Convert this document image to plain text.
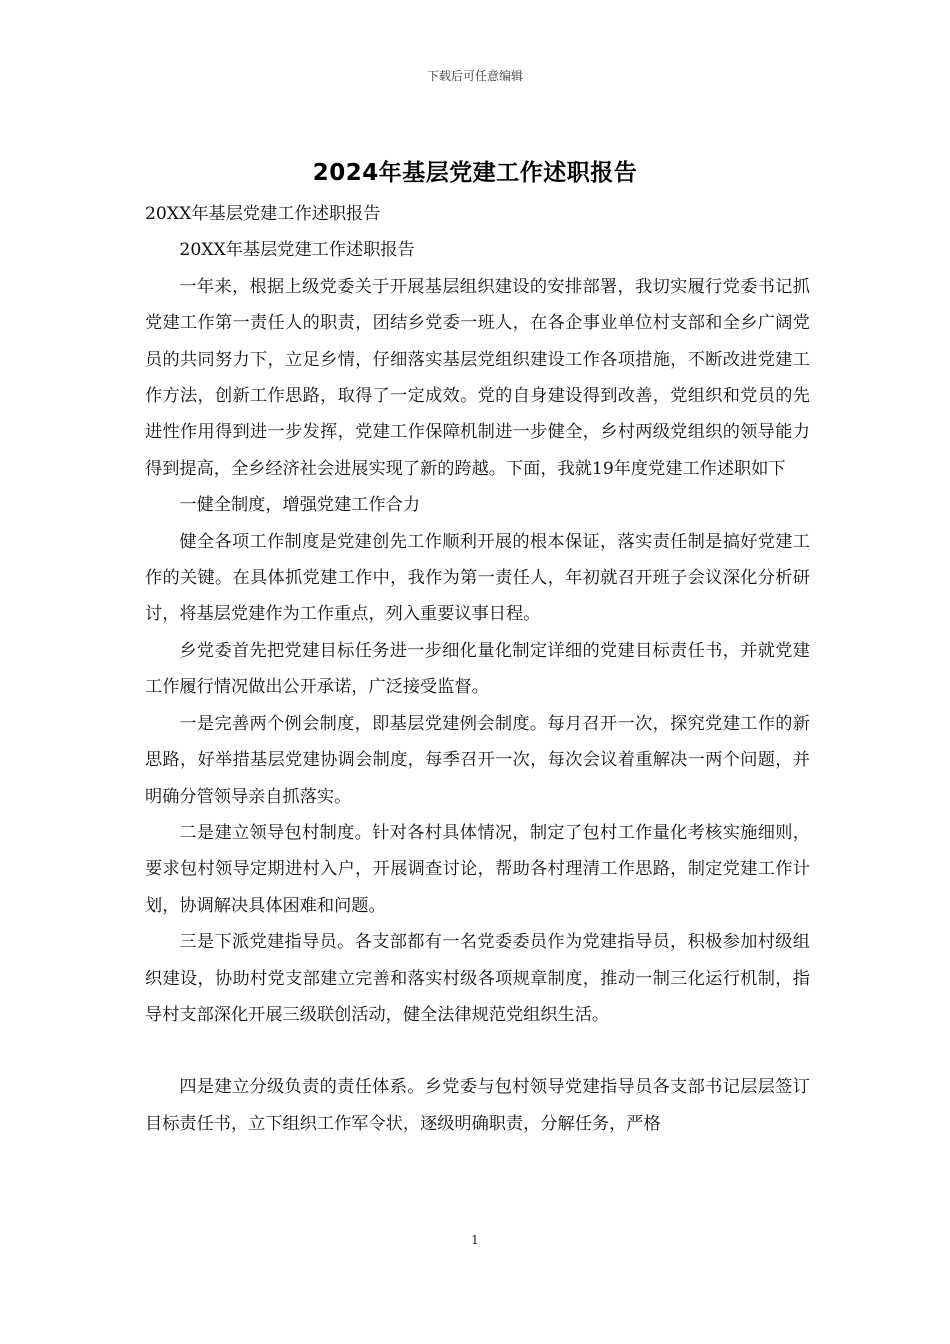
下载后可任意编辑
2024年基层党建工作述职报告

20XX年基层党建工作述职报告

20XX年基层党建工作述职报告

一年来，根据上级党委关于开展基层组织建设的安排部署，我切实履行党委书记抓党建工作第一责任人的职责，团结乡党委一班人，在各企事业单位村支部和全乡广阔党员的共同努力下，立足乡情，仔细落实基层党组织建设工作各项措施，不断改进党建工作方法，创新工作思路，取得了一定成效。党的自身建设得到改善，党组织和党员的先进性作用得到进一步发挥，党建工作保障机制进一步健全，乡村两级党组织的领导能力得到提高，全乡经济社会进展实现了新的跨越。下面，我就19年度党建工作述职如下

一健全制度，增强党建工作合力

健全各项工作制度是党建创先工作顺利开展的根本保证，落实责任制是搞好党建工作的关键。在具体抓党建工作中，我作为第一责任人，年初就召开班子会议深化分析研讨，将基层党建作为工作重点，列入重要议事日程。

乡党委首先把党建目标任务进一步细化量化制定详细的党建目标责任书，并就党建工作履行情况做出公开承诺，广泛接受监督。

一是完善两个例会制度，即基层党建例会制度。每月召开一次，探究党建工作的新思路，好举措基层党建协调会制度，每季召开一次，每次会议着重解决一两个问题，并明确分管领导亲自抓落实。

二是建立领导包村制度。针对各村具体情况，制定了包村工作量化考核实施细则，要求包村领导定期进村入户，开展调查讨论，帮助各村理清工作思路，制定党建工作计划，协调解决具体困难和问题。

三是下派党建指导员。各支部都有一名党委委员作为党建指导员，积极参加村级组织建设，协助村党支部建立完善和落实村级各项规章制度，推动一制三化运行机制，指导村支部深化开展三级联创活动，健全法律规范党组织生活。

四是建立分级负责的责任体系。乡党委与包村领导党建指导员各支部书记层层签订目标责任书，立下组织工作军令状，逐级明确职责，分解任务，严格

1
